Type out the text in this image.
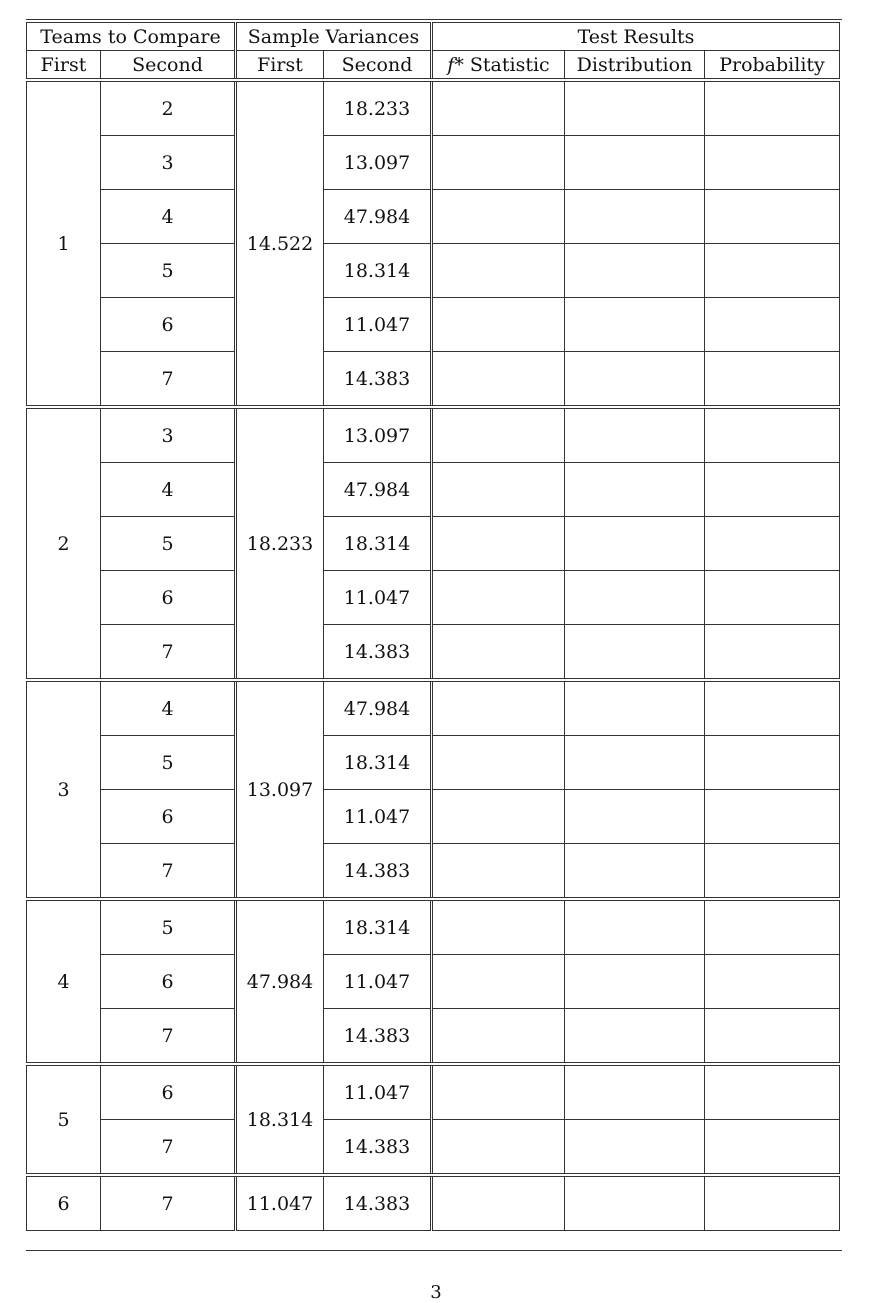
Teams to Compare		Sample Variances		Test Results		
First	Second	First	Second	f* Statistic	Distribution	Probability
1	2	14.522	18.233			
	3		13.097			
	4		47.984			
	5		18.314			
	6		11.047			
	7		14.383			
2	3	18.233	13.097			
	4		47.984			
	5		18.314			
	6		11.047			
	7		14.383			
3	4	13.097	47.984			
	5		18.314			
	6		11.047			
	7		14.383			
4	5	47.984	18.314			
	6		11.047			
	7		14.383			
5	6	18.314	11.047			
	7		14.383			
6	7	11.047	14.383			
3
